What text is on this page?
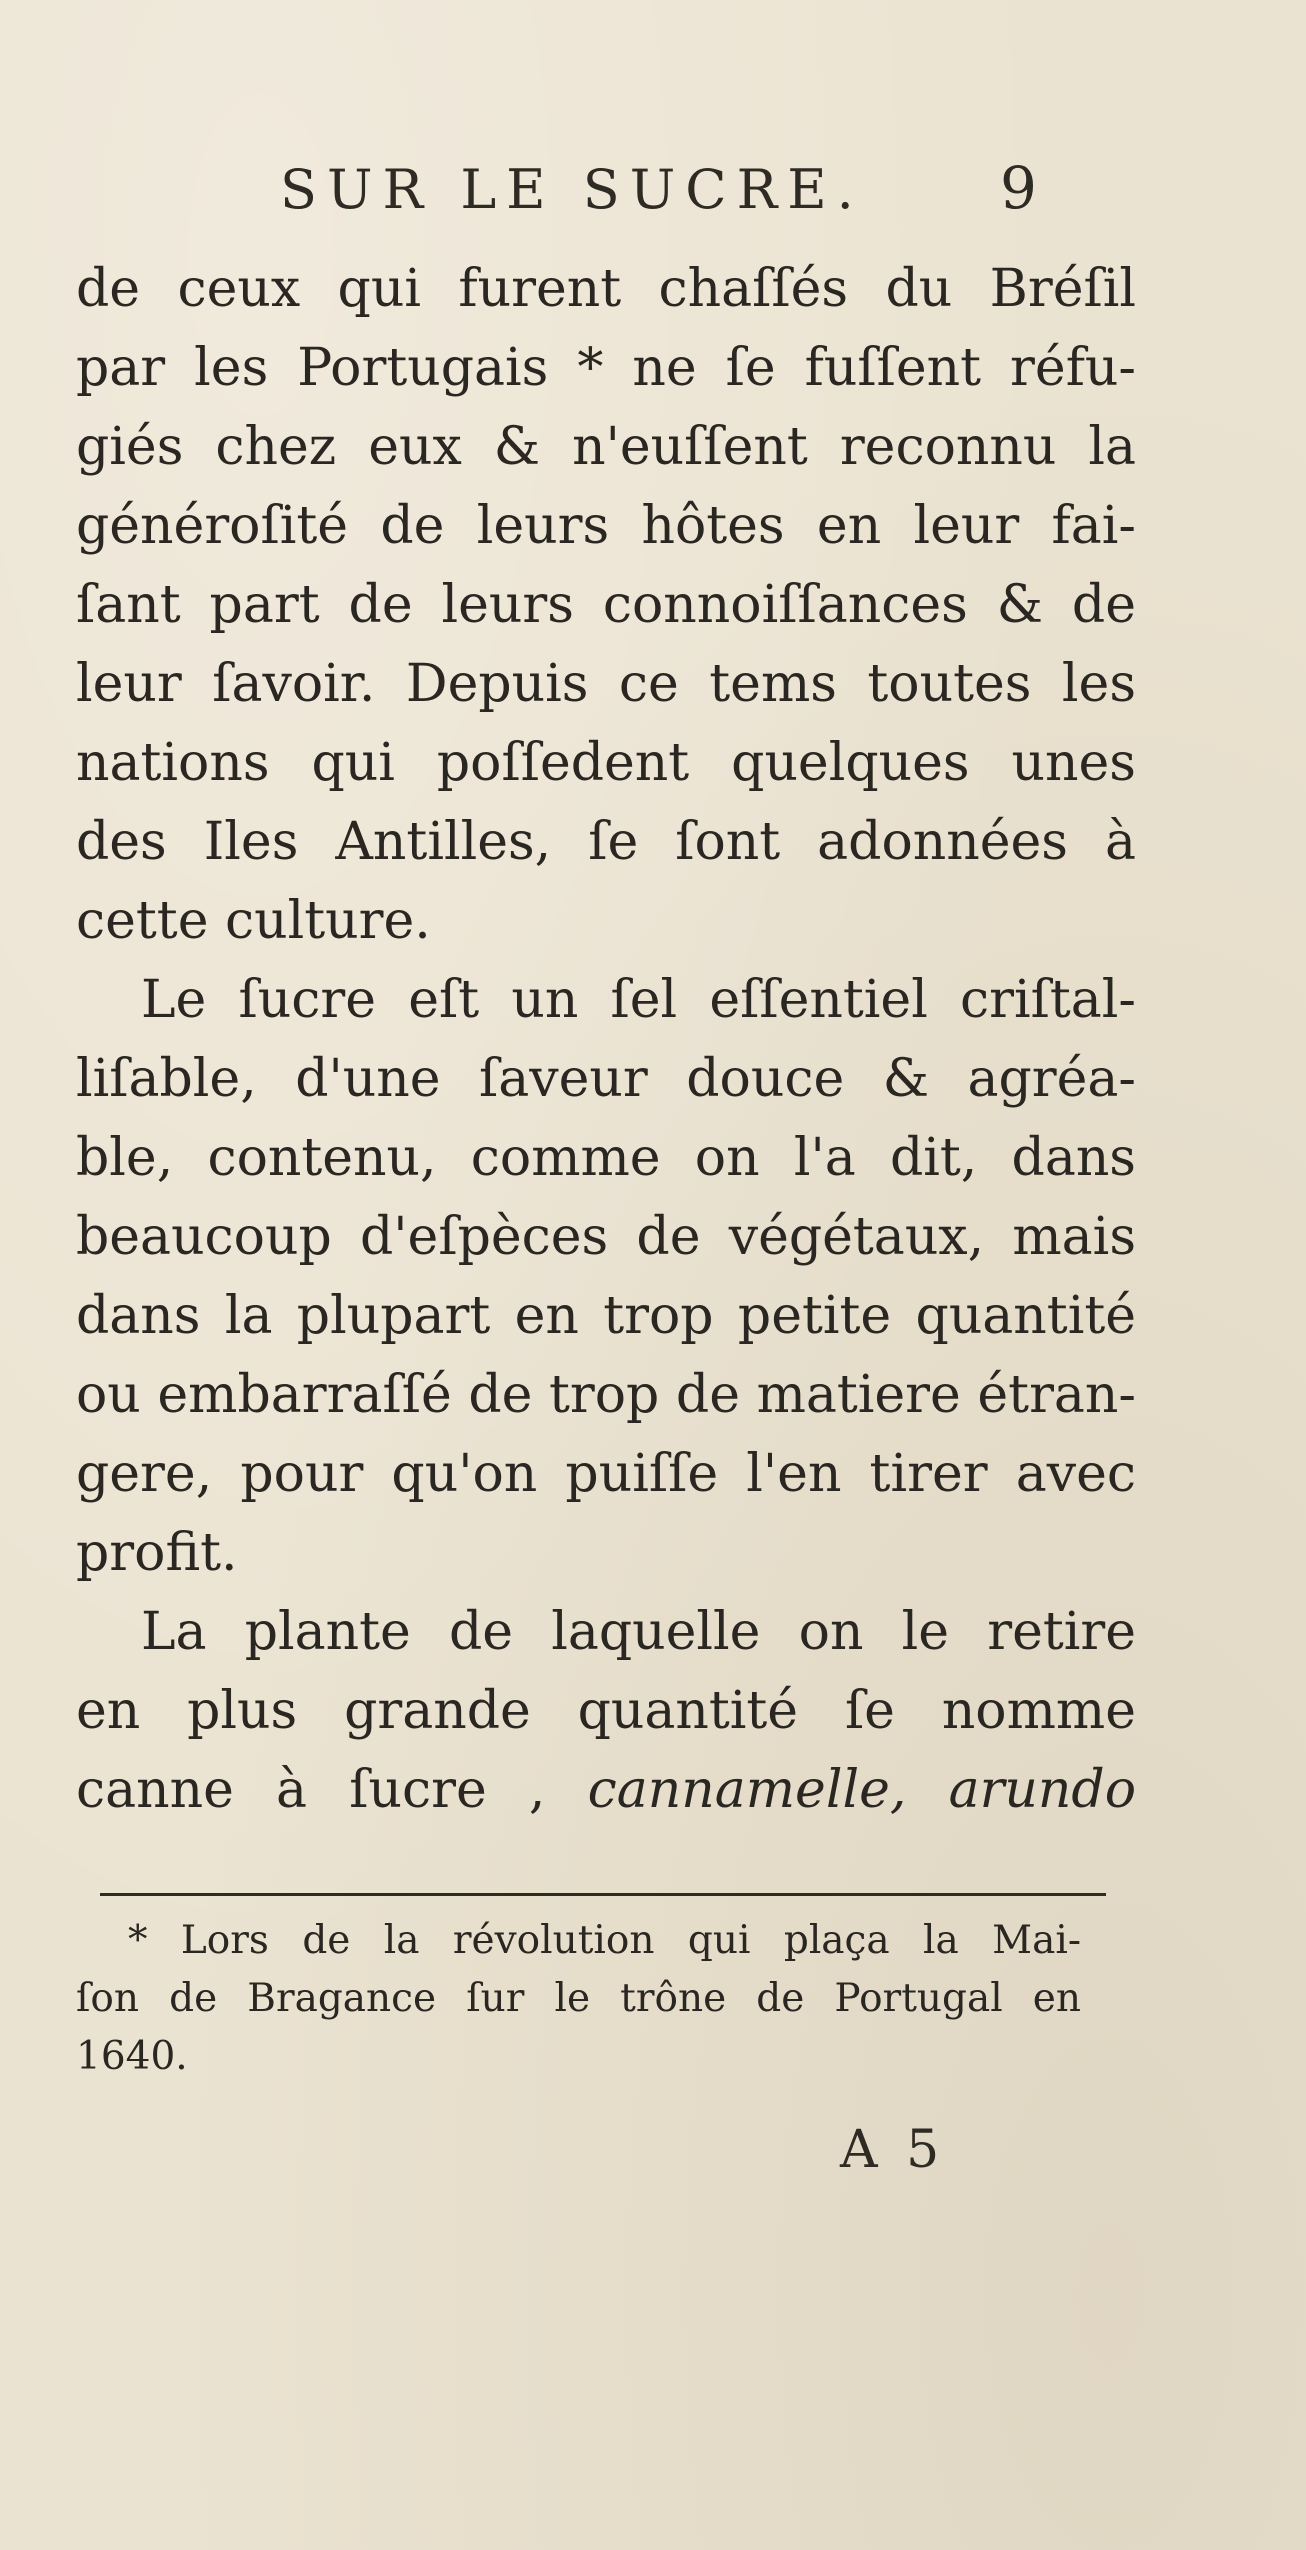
SUR LE SUCRE. 9
de ceux qui furent chaſſés du Bréſil
par les Portugais * ne ſe fuſſent réfu-
giés chez eux & n'euſſent reconnu la
généroſité de leurs hôtes en leur fai-
ſant part de leurs connoiſſances & de
leur ſavoir. Depuis ce tems toutes les
nations qui poſſedent quelques unes
des Iles Antilles, ſe ſont adonnées à
cette culture.
Le ſucre eſt un ſel eſſentiel criſtal-
liſable, d'une ſaveur douce & agréa-
ble, contenu, comme on l'a dit, dans
beaucoup d'eſpèces de végétaux, mais
dans la plupart en trop petite quantité
ou embarraſſé de trop de matiere étran-
gere, pour qu'on puiſſe l'en tirer avec
profit.
La plante de laquelle on le retire
en plus grande quantité ſe nomme
canne à ſucre , cannamelle, arundo
* Lors de la révolution qui plaça la Mai-
ſon de Bragance ſur le trône de Portugal en
1640.
A 5
